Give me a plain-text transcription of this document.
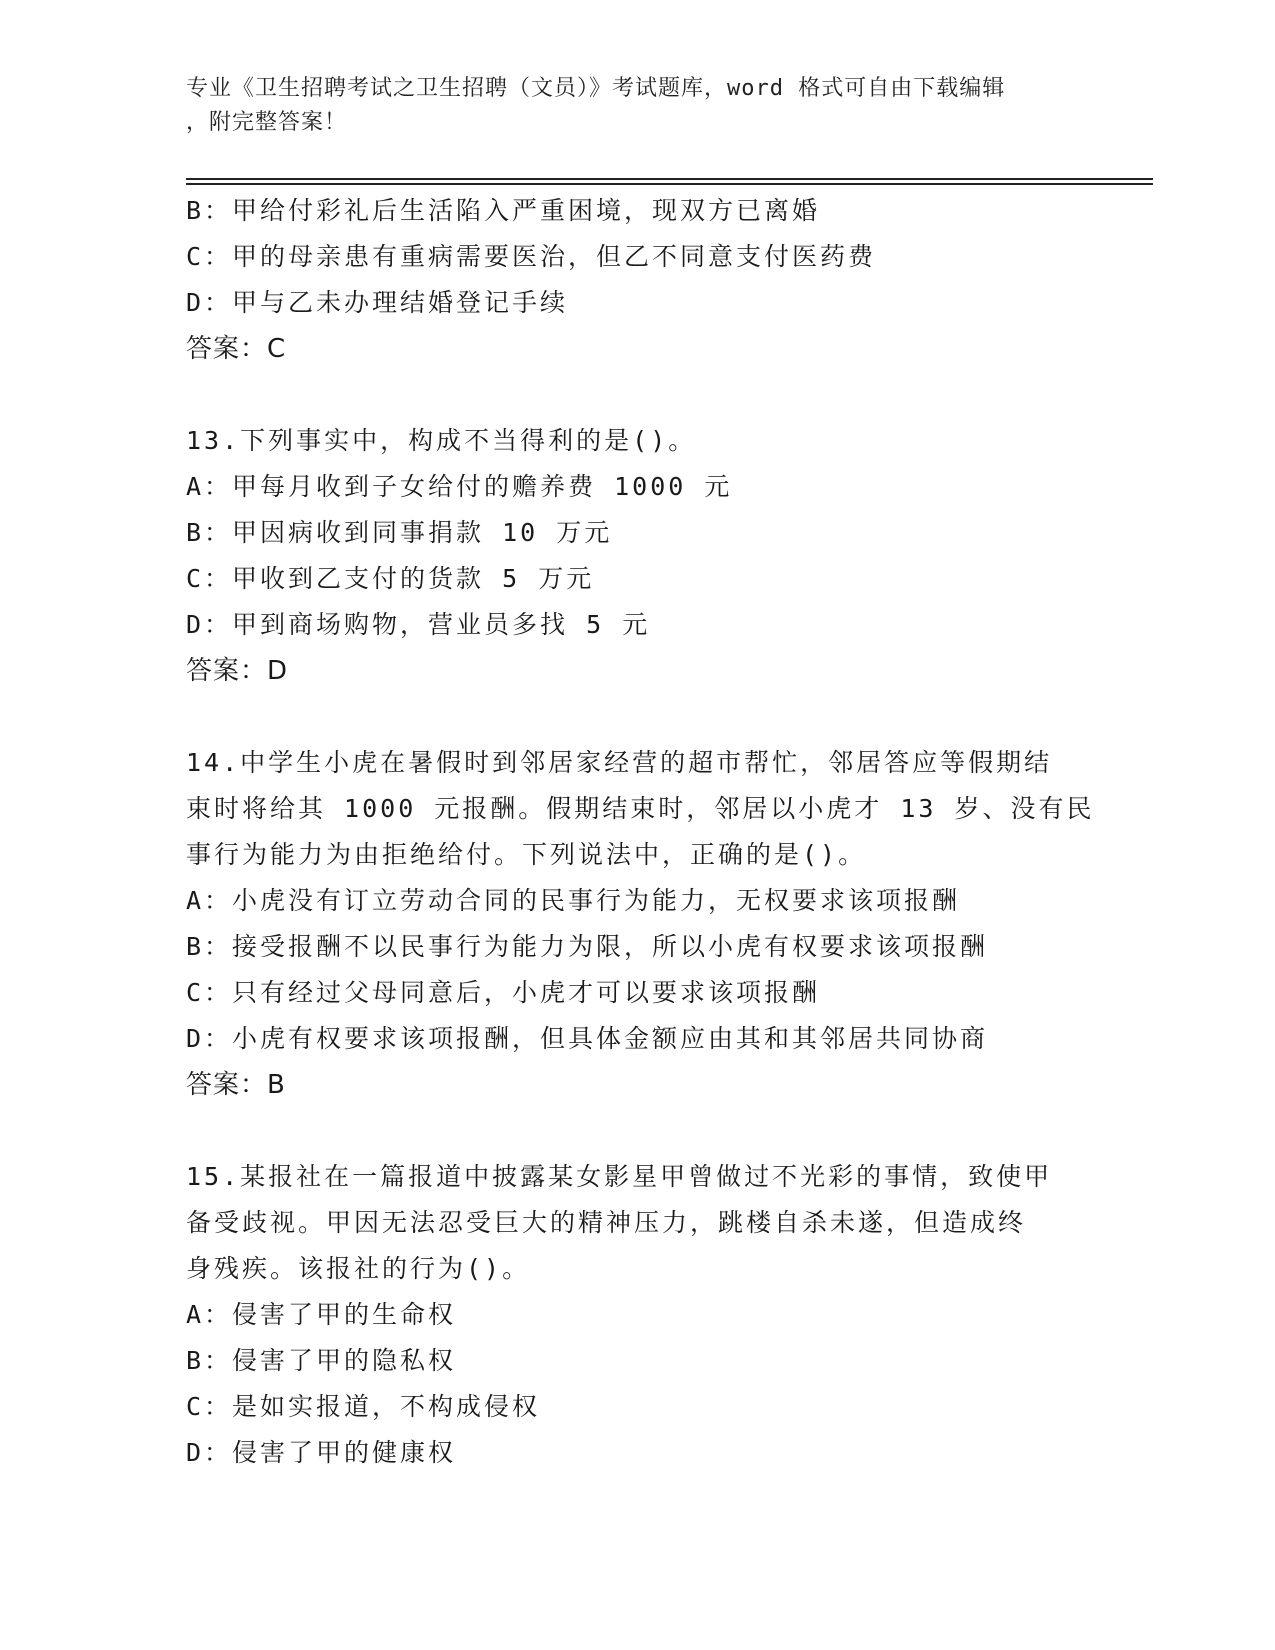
专业《卫生招聘考试之卫生招聘（文员）》考试题库，word 格式可自由下载编辑
，附完整答案！
B：甲给付彩礼后生活陷入严重困境，现双方已离婚
C：甲的母亲患有重病需要医治，但乙不同意支付医药费
D：甲与乙未办理结婚登记手续
答案：C
13.下列事实中，构成不当得利的是()。
A：甲每月收到子女给付的赡养费 1000 元
B：甲因病收到同事捐款 10 万元
C：甲收到乙支付的货款 5 万元
D：甲到商场购物，营业员多找 5 元
答案：D
14.中学生小虎在暑假时到邻居家经营的超市帮忙，邻居答应等假期结
束时将给其 1000 元报酬。假期结束时，邻居以小虎才 13 岁、没有民
事行为能力为由拒绝给付。下列说法中，正确的是()。
A：小虎没有订立劳动合同的民事行为能力，无权要求该项报酬
B：接受报酬不以民事行为能力为限，所以小虎有权要求该项报酬
C：只有经过父母同意后，小虎才可以要求该项报酬
D：小虎有权要求该项报酬，但具体金额应由其和其邻居共同协商
答案：B
15.某报社在一篇报道中披露某女影星甲曾做过不光彩的事情，致使甲
备受歧视。甲因无法忍受巨大的精神压力，跳楼自杀未遂，但造成终
身残疾。该报社的行为()。
A：侵害了甲的生命权
B：侵害了甲的隐私权
C：是如实报道，不构成侵权
D：侵害了甲的健康权
